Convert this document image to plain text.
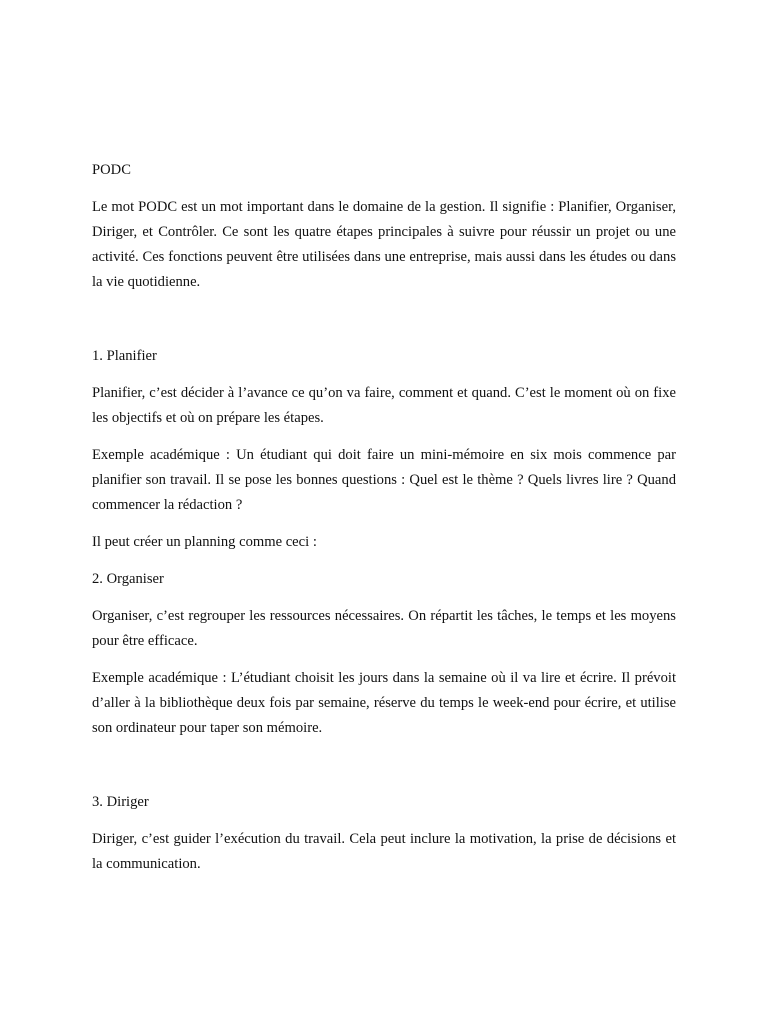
PODC

Le mot PODC est un mot important dans le domaine de la gestion. Il signifie : Planifier, Organiser, Diriger, et Contrôler. Ce sont les quatre étapes principales à suivre pour réussir un projet ou une activité. Ces fonctions peuvent être utilisées dans une entreprise, mais aussi dans les études ou dans la vie quotidienne.

1. Planifier

Planifier, c’est décider à l’avance ce qu’on va faire, comment et quand. C’est le moment où on fixe les objectifs et où on prépare les étapes.

Exemple académique : Un étudiant qui doit faire un mini-mémoire en six mois commence par planifier son travail. Il se pose les bonnes questions : Quel est le thème ? Quels livres lire ? Quand commencer la rédaction ?

Il peut créer un planning comme ceci :

2. Organiser

Organiser, c’est regrouper les ressources nécessaires. On répartit les tâches, le temps et les moyens pour être efficace.

Exemple académique : L’étudiant choisit les jours dans la semaine où il va lire et écrire. Il prévoit d’aller à la bibliothèque deux fois par semaine, réserve du temps le week-end pour écrire, et utilise son ordinateur pour taper son mémoire.

3. Diriger

Diriger, c’est guider l’exécution du travail. Cela peut inclure la motivation, la prise de décisions et la communication.
